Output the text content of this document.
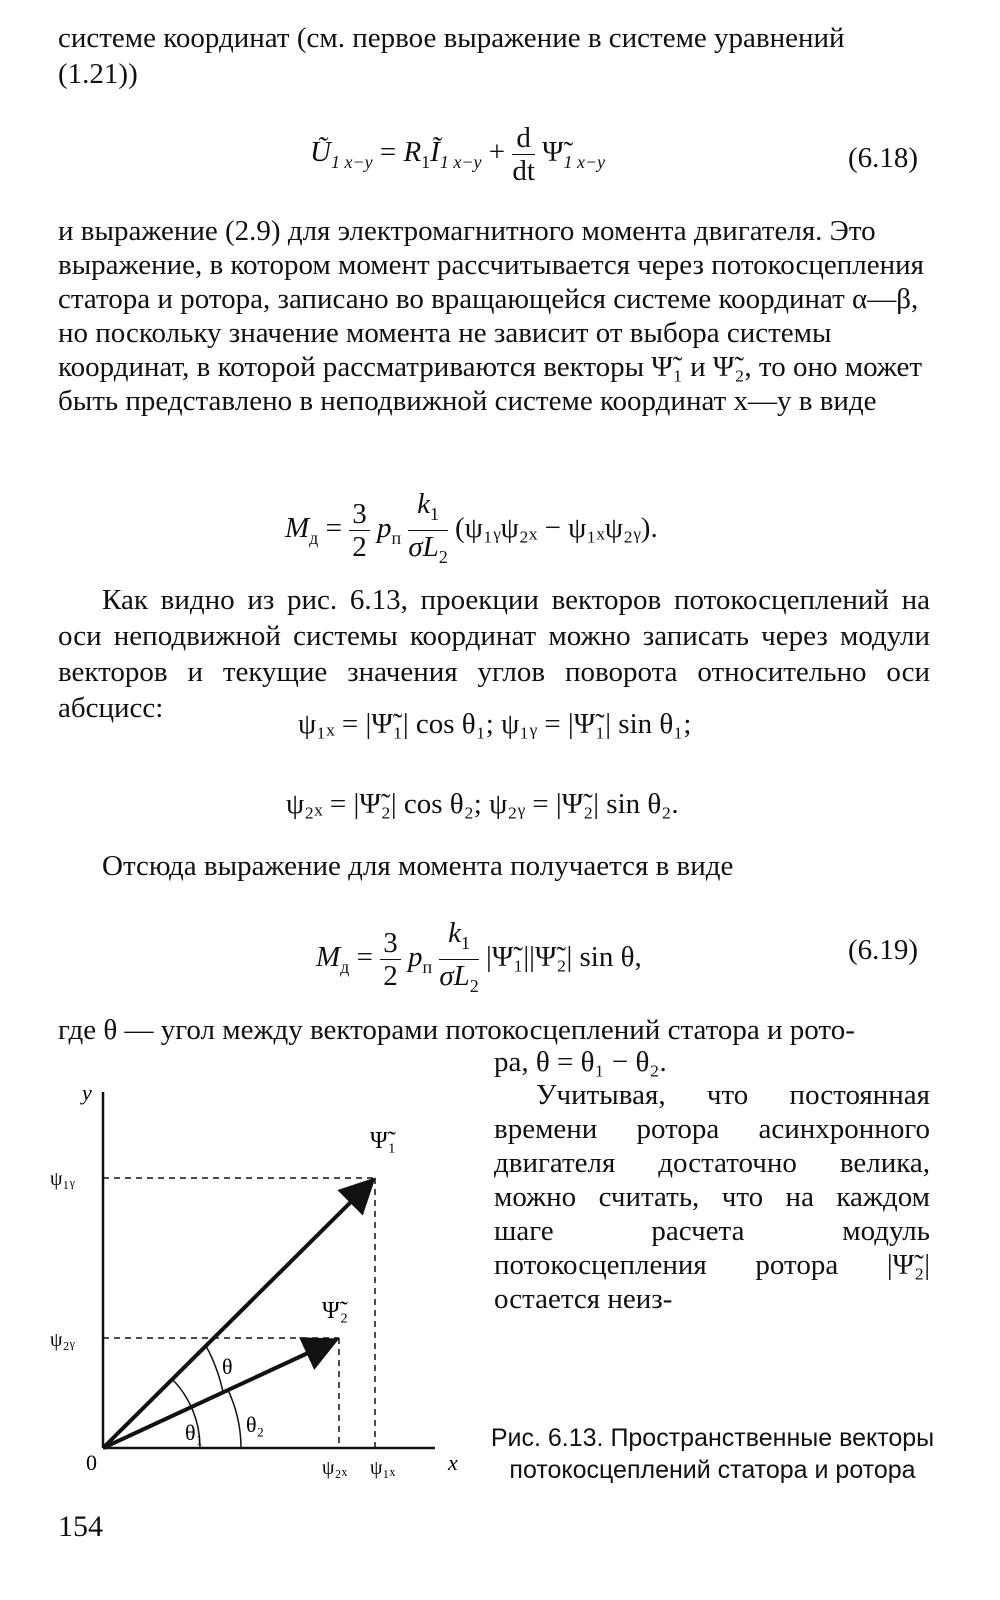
системе координат (см. первое выражение в системе уравнений (1.21))
$Ũ_{1 x-y}$ = $R_1Ĩ_{1 x-y} + \frac{d}{dt}$ $\Psĩ_{1 x-y}$	(6.18)
и выражение (2.9) для электромагнитного момента двигателя. Это выражение, в котором момент рассчитывается через потокосцепления статора и ротора, записано во вращающейся системе координат α—β, но поскольку значение момента не зависит от выбора системы координат, в которой рассматриваются векторы Ψ̃₁ и Ψ̃₂, то оно может быть представлено в неподвижной системе координат x—y в виде
$M_д = \frac{3}{2} p_п \frac{k_1}{\sigma L_2}$ (ψ₁ᵧψ₂ₓ − ψ₁ₓψ₂ᵧ).
Как видно из рис. 6.13, проекции векторов потокосцеплений на оси неподвижной системы координат можно записать через модули векторов и текущие значения углов поворота относительно оси абсцисс:	ψ₁ₓ = |Ψ̃₁| cos θ₁; ψ₁ᵧ = |Ψ̃₁| sin θ₁;
ψ₂ₓ = |Ψ̃₂| cos θ₂; ψ₂ᵧ = |Ψ̃₂| sin θ₂.
Отсюда выражение для момента получается в виде
$M_д = \frac{3}{2} p_п \frac{k_1}{\sigma L_2}$ |Ψ̃₁||Ψ̃₂| sin θ,	(6.19)
где θ — угол между векторами потокосцеплений статора и рото-
ра, θ = θ₁ − θ₂.
Учитывая, что постоянная времени ротора асинхронного двигателя достаточно велика, можно считать, что на каждом шаге расчета модуль потокосцепления ротора |Ψ̃₂| остается неиз-
y
x
0
ψ₁ᵧ
ψ₂ᵧ
ψ₂ₓ ψ₁ₓ
Ψ̃₁
Ψ̃₂
θ
θ₁ θ₂	Рис. 6.13. Пространственные векторы потокосцеплений статора и ротора
154
